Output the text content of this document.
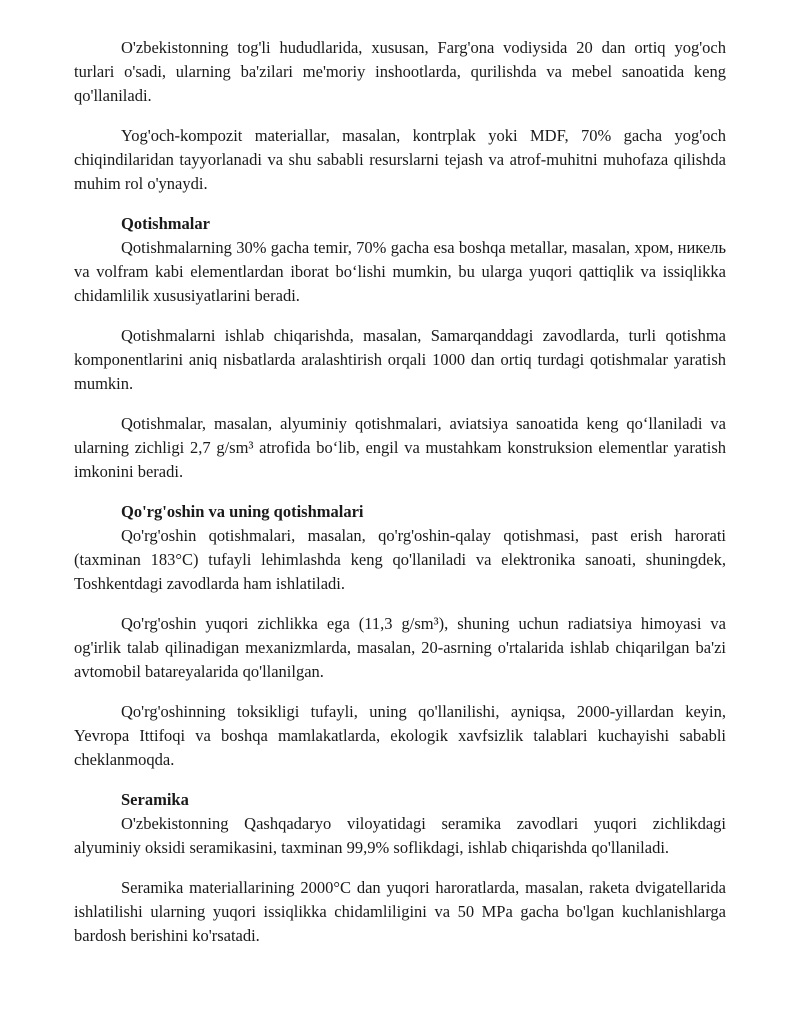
O'zbekistonning tog'li hududlarida, xususan, Farg'ona vodiysida 20 dan ortiq yog'och turlari o'sadi, ularning ba'zilari me'moriy inshootlarda, qurilishda va mebel sanoatida keng qo'llaniladi.

Yog'och-kompozit materiallar, masalan, kontrplak yoki MDF, 70% gacha yog'och chiqindilaridan tayyorlanadi va shu sababli resurslarni tejash va atrof-muhitni muhofaza qilishda muhim rol o'ynaydi.

Qotishmalar

Qotishmalarning 30% gacha temir, 70% gacha esa boshqa metallar, masalan, хром, никель va volfram kabi elementlardan iborat bo‘lishi mumkin, bu ularga yuqori qattiqlik va issiqlikka chidamlilik xususiyatlarini beradi.

Qotishmalarni ishlab chiqarishda, masalan, Samarqanddagi zavodlarda, turli qotishma komponentlarini aniq nisbatlarda aralashtirish orqali 1000 dan ortiq turdagi qotishmalar yaratish mumkin.

Qotishmalar, masalan, alyuminiy qotishmalari, aviatsiya sanoatida keng qo‘llaniladi va ularning zichligi 2,7 g/sm³ atrofida bo‘lib, engil va mustahkam konstruksion elementlar yaratish imkonini beradi.

Qo'rg'oshin va uning qotishmalari

Qo'rg'oshin qotishmalari, masalan, qo'rg'oshin-qalay qotishmasi, past erish harorati (taxminan 183°C) tufayli lehimlashda keng qo'llaniladi va elektronika sanoati, shuningdek, Toshkentdagi zavodlarda ham ishlatiladi.

Qo'rg'oshin yuqori zichlikka ega (11,3 g/sm³), shuning uchun radiatsiya himoyasi va og'irlik talab qilinadigan mexanizmlarda, masalan, 20-asrning o'rtalarida ishlab chiqarilgan ba'zi avtomobil batareyalarida qo'llanilgan.

Qo'rg'oshinning toksikligi tufayli, uning qo'llanilishi, ayniqsa, 2000-yillardan keyin, Yevropa Ittifoqi va boshqa mamlakatlarda, ekologik xavfsizlik talablari kuchayishi sababli cheklanmoqda.

Seramika

O'zbekistonning Qashqadaryo viloyatidagi seramika zavodlari yuqori zichlikdagi alyuminiy oksidi seramikasini, taxminan 99,9% soflikdagi, ishlab chiqarishda qo'llaniladi.

Seramika materiallarining 2000°C dan yuqori haroratlarda, masalan, raketa dvigatellarida ishlatilishi ularning yuqori issiqlikka chidamliligini va 50 MPa gacha bo'lgan kuchlanishlarga bardosh berishini ko'rsatadi.
